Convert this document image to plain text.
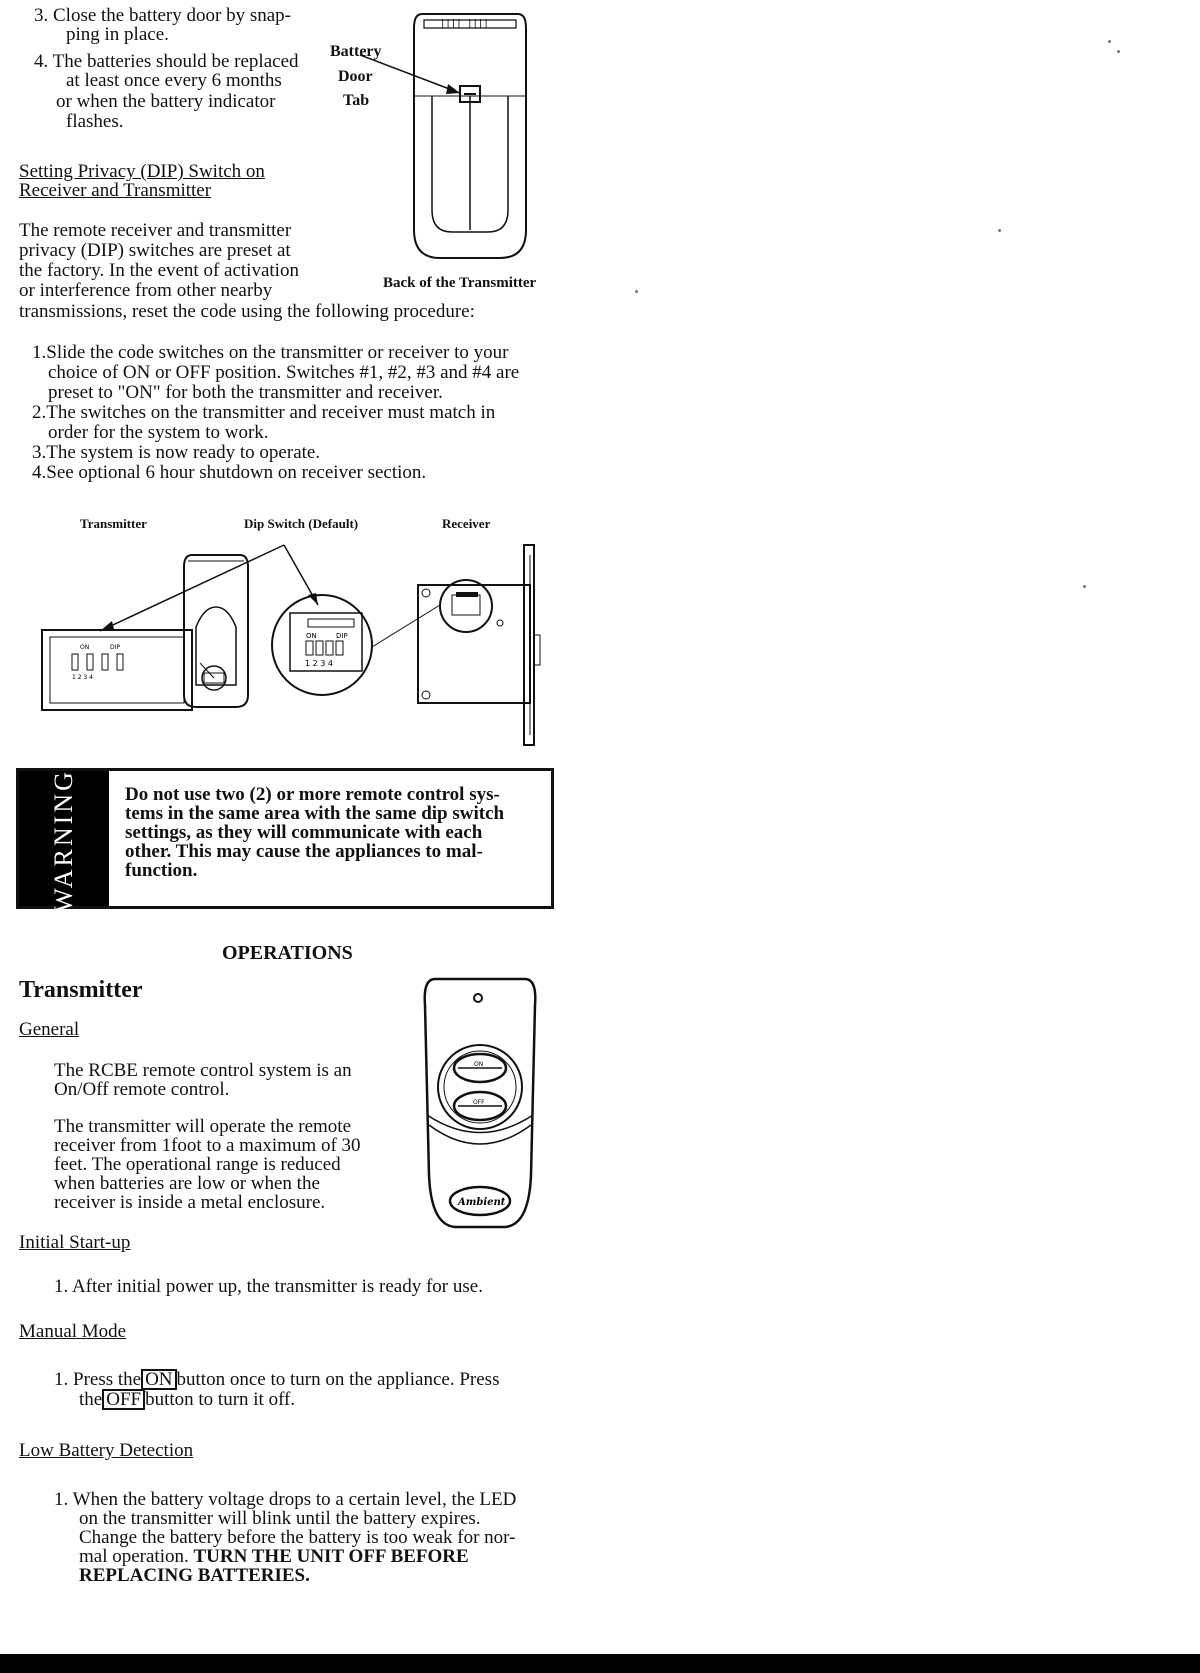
3. Close the battery door by snap-
ping in place.
4. The batteries should be replaced
at least once every 6 months
or when the battery indicator
flashes.
Battery
Door
Tab
|||| ||||
Back of the Transmitter
Setting Privacy (DIP) Switch on
Receiver and Transmitter
The remote receiver and transmitter
privacy (DIP) switches are preset at
the factory. In the event of activation
or interference from other nearby
transmissions, reset the code using the following procedure:
1.Slide the code switches on the transmitter or receiver to your
choice of ON or OFF position. Switches #1, #2, #3 and #4 are
preset to "ON" for both the transmitter and receiver.
2.The switches on the transmitter and receiver must match in
order for the system to work.
3.The system is now ready to operate.
4.See optional 6 hour shutdown on receiver section.
Transmitter	Dip Switch (Default)	Receiver
ON	DIP
1 2 3 4
ON	DIP
1 2 3 4
WARNING Do not use two (2) or more remote control sys-
tems in the same area with the same dip switch
settings, as they will communicate with each
other. This may cause the appliances to mal-
function.
OPERATIONS
Transmitter
General
The RCBE remote control system is an
On/Off remote control.
The transmitter will operate the remote
receiver from 1foot to a maximum of 30
feet. The operational range is reduced
when batteries are low or when the
receiver is inside a metal enclosure.
ON
OFF
Ambient
Initial Start-up
1. After initial power up, the transmitter is ready for use.
Manual Mode
1. Press the ON button once to turn on the appliance. Press
the OFF button to turn it off.
Low Battery Detection
1. When the battery voltage drops to a certain level, the LED
on the transmitter will blink until the battery expires.
Change the battery before the battery is too weak for nor-
mal operation. TURN THE UNIT OFF BEFORE
REPLACING BATTERIES.
